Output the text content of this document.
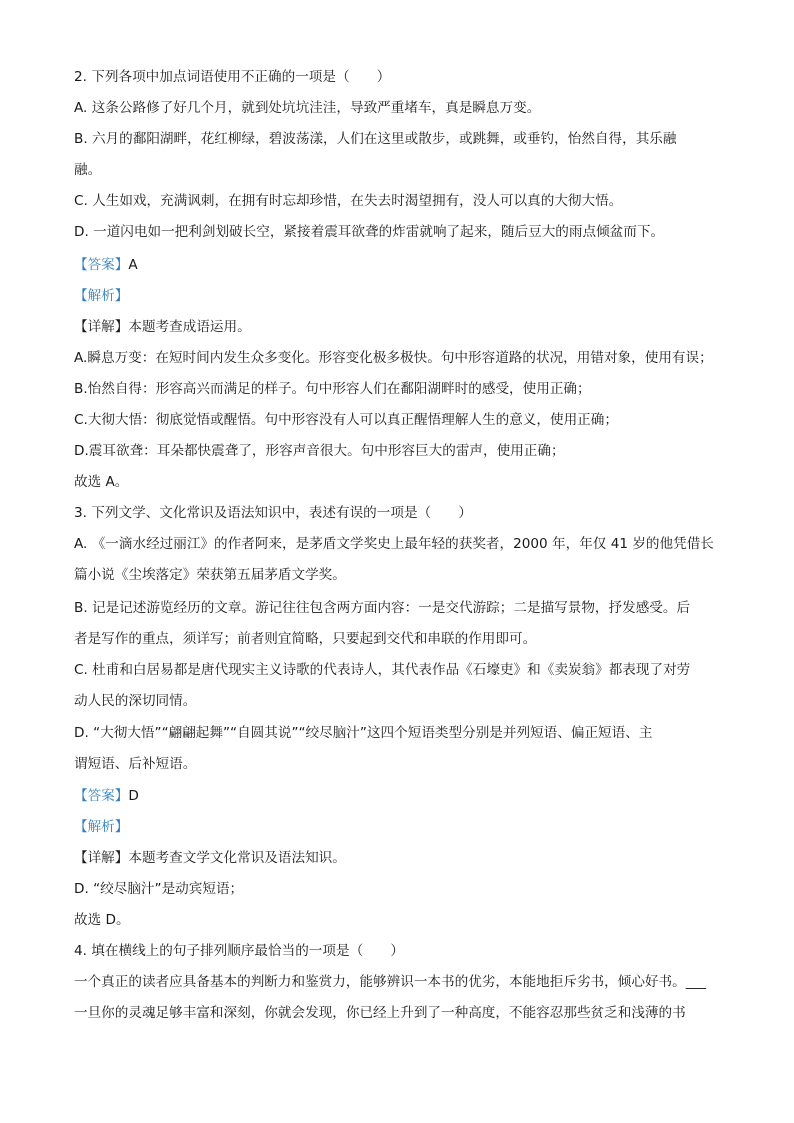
2. 下列各项中加点词语使用不正确的一项是（　　）
A. 这条公路修了好几个月，就到处坑坑洼洼，导致严重堵车，真是瞬息万变。
B. 六月的鄱阳湖畔，花红柳绿，碧波荡漾，人们在这里或散步，或跳舞，或垂钓，怡然自得，其乐融
融。
C. 人生如戏，充满讽刺，在拥有时忘却珍惜，在失去时渴望拥有，没人可以真的大彻大悟。
D. 一道闪电如一把利剑划破长空，紧接着震耳欲聋的炸雷就响了起来，随后豆大的雨点倾盆而下。
【答案】A
【解析】
【详解】本题考查成语运用。
A.瞬息万变：在短时间内发生众多变化。形容变化极多极快。句中形容道路的状况，用错对象，使用有误；
B.怡然自得：形容高兴而满足的样子。句中形容人们在鄱阳湖畔时的感受，使用正确；
C.大彻大悟：彻底觉悟或醒悟。句中形容没有人可以真正醒悟理解人生的意义，使用正确；
D.震耳欲聋：耳朵都快震聋了，形容声音很大。句中形容巨大的雷声，使用正确；
故选 A。
3. 下列文学、文化常识及语法知识中，表述有误的一项是（　　）
A. 《一滴水经过丽江》的作者阿来，是茅盾文学奖史上最年轻的获奖者，2000 年，年仅 41 岁的他凭借长
篇小说《尘埃落定》荣获第五届茅盾文学奖。
B. 记是记述游览经历的文章。游记往往包含两方面内容：一是交代游踪；二是描写景物，抒发感受。后
者是写作的重点，须详写；前者则宜简略，只要起到交代和串联的作用即可。
C. 杜甫和白居易都是唐代现实主义诗歌的代表诗人，其代表作品《石壕吏》和《卖炭翁》都表现了对劳
动人民的深切同情。
D. “大彻大悟”“翩翩起舞”“自圆其说”“绞尽脑汁”这四个短语类型分别是并列短语、偏正短语、主
谓短语、后补短语。
【答案】D
【解析】
【详解】本题考查文学文化常识及语法知识。
D. “绞尽脑汁”是动宾短语；
故选 D。
4. 填在横线上的句子排列顺序最恰当的一项是（　　）
一个真正的读者应具备基本的判断力和鉴赏力，能够辨识一本书的优劣，本能地拒斥劣书，倾心好书。___
一旦你的灵魂足够丰富和深刻，你就会发现，你已经上升到了一种高度，不能容忍那些贫乏和浅薄的书
